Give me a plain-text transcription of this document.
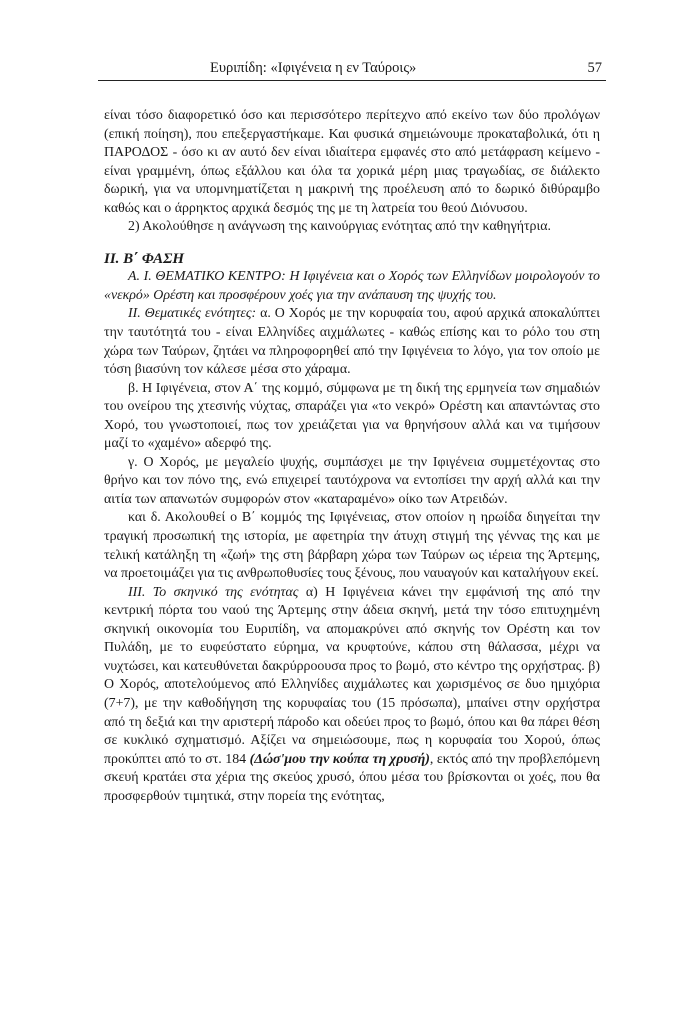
Ευριπίδη: «Ιφιγένεια η εν Ταύροις»	57

είναι τόσο διαφορετικό όσο και περισσότερο περίτεχνο από εκείνο των δύο προλόγων (επική ποίηση), που επεξεργαστήκαμε. Και φυσικά σημειώνουμε προκαταβολικά, ότι η ΠΑΡΟΔΟΣ - όσο κι αν αυτό δεν είναι ιδιαίτερα εμφανές στο από μετάφραση κείμενο - είναι γραμμένη, όπως εξάλλου και όλα τα χορικά μέρη μιας τραγωδίας, σε διάλεκτο δωρική, για να υπομνηματίζεται η μακρινή της προέλευση από το δωρικό διθύραμβο καθώς και ο άρρηκτος αρχικά δεσμός της με τη λατρεία του θεού Διόνυσου.

2) Ακολούθησε η ανάγνωση της καινούργιας ενότητας από την καθηγήτρια.

ΙΙ. Β΄ ΦΑΣΗ

Α. Ι. ΘΕΜΑΤΙΚΟ ΚΕΝΤΡΟ: Η Ιφιγένεια και ο Χορός των Ελληνίδων μοιρολογούν το «νεκρό» Ορέστη και προσφέρουν χοές για την ανάπαυση της ψυχής του.

ΙΙ. Θεματικές ενότητες: α. Ο Χορός με την κορυφαία του, αφού αρχικά αποκαλύπτει την ταυτότητά του - είναι Ελληνίδες αιχμάλωτες - καθώς επίσης και το ρόλο του στη χώρα των Ταύρων, ζητάει να πληροφορηθεί από την Ιφιγένεια το λόγο, για τον οποίο με τόση βιασύνη τον κάλεσε μέσα στο χάραμα.

β. Η Ιφιγένεια, στον Α΄ της κομμό, σύμφωνα με τη δική της ερμηνεία των σημαδιών του ονείρου της χτεσινής νύχτας, σπαράζει για «το νεκρό» Ορέστη και απαντώντας στο Χορό, του γνωστοποιεί, πως τον χρειάζεται για να θρηνήσουν αλλά και να τιμήσουν μαζί το «χαμένο» αδερφό της.

γ. Ο Χορός, με μεγαλείο ψυχής, συμπάσχει με την Ιφιγένεια συμμετέχοντας στο θρήνο και τον πόνο της, ενώ επιχειρεί ταυτόχρονα να εντοπίσει την αρχή αλλά και την αιτία των απανωτών συμφορών στον «καταραμένο» οίκο των Ατρειδών.

και δ. Ακολουθεί ο Β΄ κομμός της Ιφιγένειας, στον οποίον η ηρωίδα διηγείται την τραγική προσωπική της ιστορία, με αφετηρία την άτυχη στιγμή της γέννας της και με τελική κατάληξη τη «ζωή» της στη βάρβαρη χώρα των Ταύρων ως ιέρεια της Άρτεμης, να προετοιμάζει για τις ανθρωποθυσίες τους ξένους, που ναυαγούν και καταλήγουν εκεί.

ΙΙΙ. Το σκηνικό της ενότητας α) Η Ιφιγένεια κάνει την εμφάνισή της από την κεντρική πόρτα του ναού της Άρτεμης στην άδεια σκηνή, μετά την τόσο επιτυχημένη σκηνική οικονομία του Ευριπίδη, να απομακρύνει από σκηνής τον Ορέστη και τον Πυλάδη, με το ευφεύστατο εύρημα, να κρυφτούνε, κάπου στη θάλασσα, μέχρι να νυχτώσει, και κατευθύνεται δακρύρροουσα προς το βωμό, στο κέντρο της ορχήστρας. β) Ο Χορός, αποτελούμενος από Ελληνίδες αιχμάλωτες και χωρισμένος σε δυο ημιχόρια (7+7), με την καθοδήγηση της κορυφαίας του (15 πρόσωπα), μπαίνει στην ορχήστρα από τη δεξιά και την αριστερή πάροδο και οδεύει προς το βωμό, όπου και θα πάρει θέση σε κυκλικό σχηματισμό. Αξίζει να σημειώσουμε, πως η κορυφαία του Χορού, όπως προκύπτει από το στ. 184 (Δώσ'μου την κούπα τη χρυσή), εκτός από την προβλεπόμενη σκευή κρατάει στα χέρια της σκεύος χρυσό, όπου μέσα του βρίσκονται οι χοές, που θα προσφερθούν τιμητικά, στην πορεία της ενότητας,
